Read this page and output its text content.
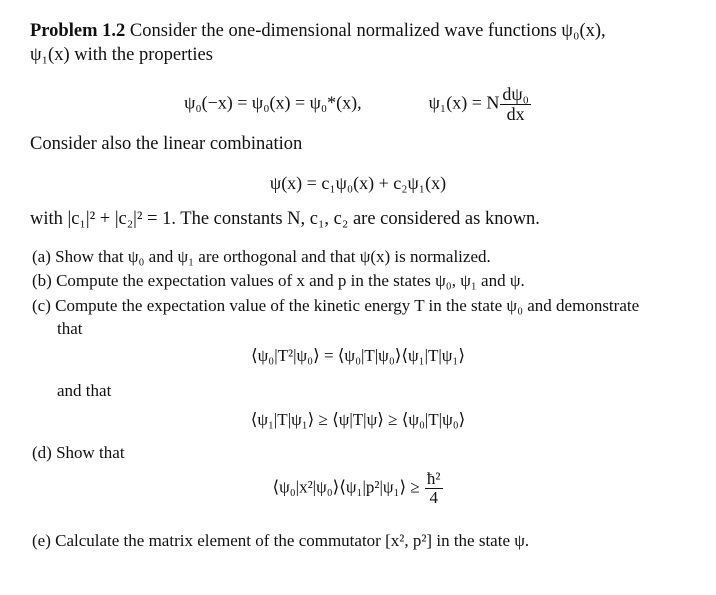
Problem 1.2 Consider the one-dimensional normalized wave functions ψ₀(x),
ψ₁(x) with the properties
ψ₀(−x) = ψ₀(x) = ψ₀*(x),	ψ₁(x) = N $\frac{\text{dψ₀}}{dx}$
Consider also the linear combination
ψ(x) = c₁ψ₀(x) + c₂ψ₁(x)
with |c₁|² + |c₂|² = 1. The constants N, c₁, c₂ are considered as known.
(a) Show that ψ₀ and ψ₁ are orthogonal and that ψ(x) is normalized.
(b) Compute the expectation values of x and p in the states ψ₀, ψ₁ and ψ.
(c) Compute the expectation value of the kinetic energy T in the state ψ₀ and demonstrate
that
⟨ψ₀|T²|ψ₀⟩ = ⟨ψ₀|T|ψ₀⟩⟨ψ₁|T|ψ₁⟩
and that
⟨ψ₁|T|ψ₁⟩ ≥ ⟨ψ|T|ψ⟩ ≥ ⟨ψ₀|T|ψ₀⟩
(d) Show that
⟨ψ₀|x²|ψ₀⟩⟨ψ₁|p²|ψ₁⟩ ≥ $\frac{\text{ħ²}}{4}$
(e) Calculate the matrix element of the commutator [x², p²] in the state ψ.
